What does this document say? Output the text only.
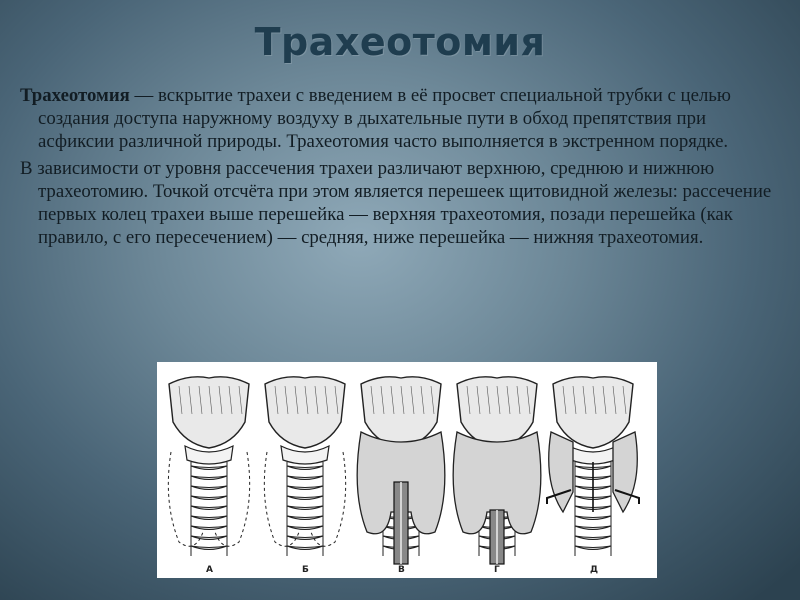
Трахеотомия

Трахеотомия — вскрытие трахеи с введением в её просвет специальной трубки с целью создания доступа наружному воздуху в дыхательные пути в обход препятствия при асфиксии различной природы. Трахеотомия часто выполняется в экстренном порядке.

В зависимости от уровня рассечения трахеи различают верхнюю, среднюю и нижнюю трахеотомию. Точкой отсчёта при этом является перешеек щитовидной железы: рассечение первых колец трахеи выше перешейка — верхняя трахеотомия, позади перешейка (как правило, с его пересечением) — средняя, ниже перешейка — нижняя трахеотомия.

А	Б	В	Г	Д
